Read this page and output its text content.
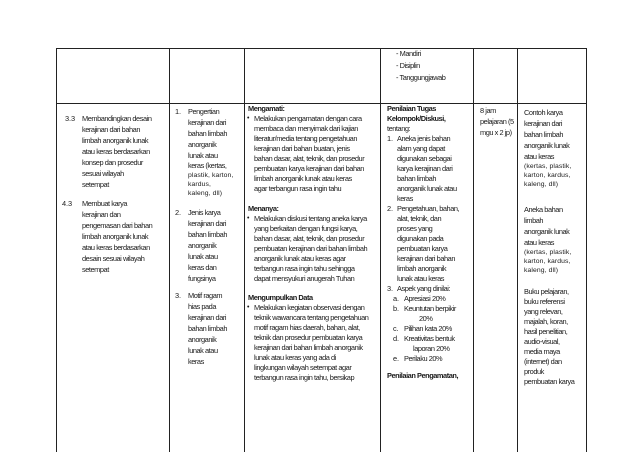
- Mandiri
- Disiplin
- Tanggungjawab
3.3 Membandingkan desain
kerajinan dari bahan
limbah anorganik lunak
atau keras berdasarkan
konsep dan prosedur
sesuai wilayah
setempat
4.3 Membuat karya
kerajinan dan
pengemasan dari bahan
limbah anorganik lunak
atau keras berdasarkan
desain sesuai wilayah
setempat
1. Pengertian
kerajinan dari
bahan limbah
anorganik
lunak atau
keras (kertas,
plastik, karton,
kardus,
kaleng, dll)
2. Jenis karya
kerajinan dari
bahan limbah
anorganik
lunak atau
keras dan
fungsinya
3. Motif ragam
hias pada
kerajinan dari
bahan limbah
anorganik
lunak atau
keras
Mengamati:
• Melakukan pengamatan dengan cara
membaca dan menyimak dari kajian
literatur/media tentang pengetahuan
kerajinan dari bahan buatan, jenis
bahan dasar, alat, teknik, dan prosedur
pembuatan karya kerajinan dari bahan
limbah anorganik lunak atau keras
agar terbangun rasa ingin tahu
Menanya:
• Melakukan diskusi tentang aneka karya
yang berkaitan dengan fungsi karya,
bahan dasar, alat, teknik, dan prosedur
pembuatan kerajinan dari bahan limbah
anorganik lunak atau keras agar
terbangun rasa ingin tahu sehingga
dapat mensyukuri anugerah Tuhan
Mengumpulkan Data
• Melakukan kegiatan observasi dengan
teknik wawancara tentang pengetahuan
motif ragam hias daerah, bahan, alat,
teknik dan prosedur pembuatan karya
kerajinan dari bahan limbah anorganik
lunak atau keras yang ada di
lingkungan wilayah setempat agar
terbangun rasa ingin tahu, bersikap
Penilaian Tugas
Kelompok/Diskusi,
tentang:
1. Aneka jenis bahan
alam yang dapat
digunakan sebagai
karya kerajinan dari
bahan limbah
anorganik lunak atau
keras
2. Pengetahuan, bahan,
alat, teknik, dan
proses yang
digunakan pada
pembuatan karya
kerajinan dari bahan
limbah anorganik
lunak atau keras
3. Aspek yang dinilai:
a. Apresiasi 20%
b. Keuntutan berpikir
20%
c. Pilihan kata 20%
d. Kreativitas bentuk
laporan 20%
e. Perilaku 20%
Penilaian Pengamatan,
8 jam
pelajaran (5
mgu x 2 jp)
Contoh karya
kerajinan dari
bahan limbah
anorganik lunak
atau keras
(kertas, plastik,
karton, kardus,
kaleng, dll)
Aneka bahan
limbah
anorganik lunak
atau keras
(kertas, plastik,
karton, kardus,
kaleng, dll)
Buku pelajaran,
buku referensi
yang relevan,
majalah, koran,
hasil penelitian,
audio-visual,
media maya
(internet) dan
produk
pembuatan karya
